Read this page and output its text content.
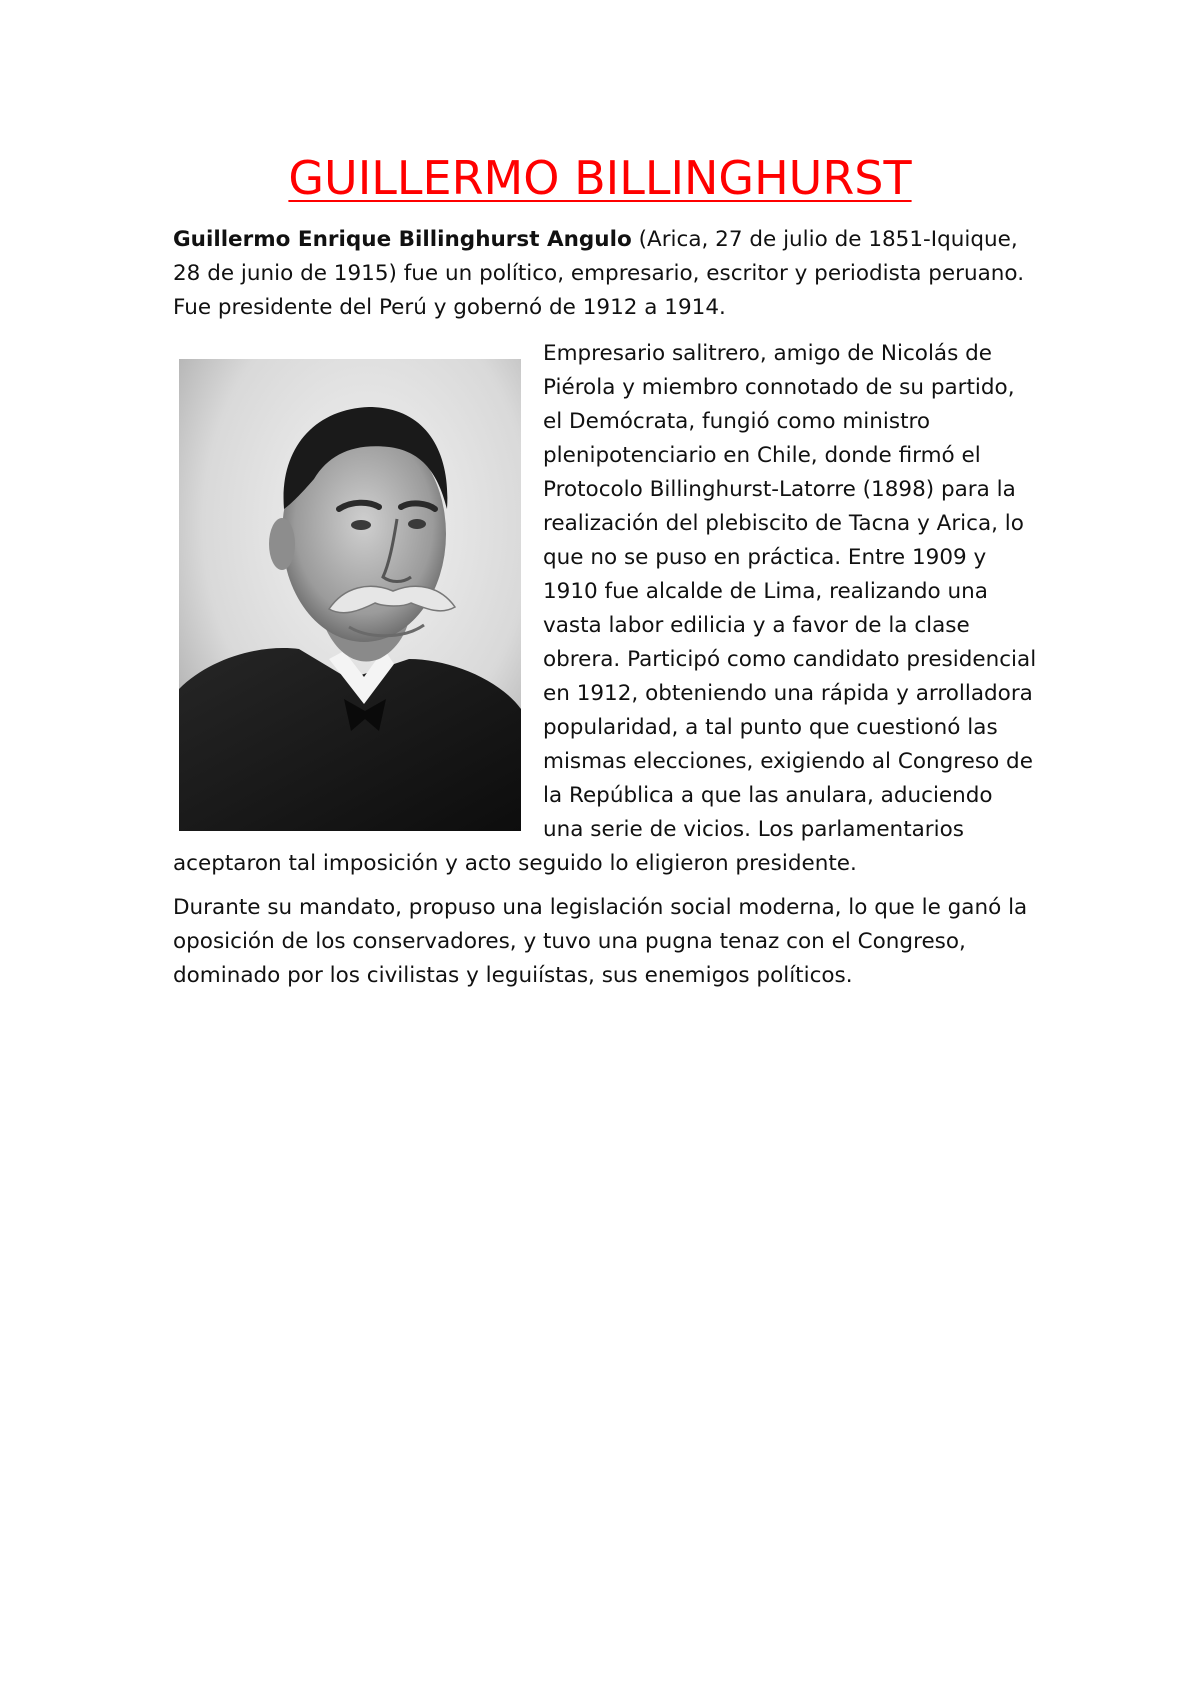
GUILLERMO BILLINGHURST

Guillermo Enrique Billinghurst Angulo (Arica, 27 de julio de 1851-Iquique, 28 de junio de 1915) fue un político, empresario, escritor y periodista peruano. Fue presidente del Perú y gobernó de 1912 a 1914.

Empresario salitrero, amigo de Nicolás de Piérola y miembro connotado de su partido, el Demócrata, fungió como ministro plenipotenciario en Chile, donde firmó el Protocolo Billinghurst-Latorre (1898) para la realización del plebiscito de Tacna y Arica, lo que no se puso en práctica. Entre 1909 y 1910 fue alcalde de Lima, realizando una vasta labor edilicia y a favor de la clase obrera. Participó como candidato presidencial en 1912, obteniendo una rápida y arrolladora popularidad, a tal punto que cuestionó las mismas elecciones, exigiendo al Congreso de la República a que las anulara, aduciendo una serie de vicios. Los parlamentarios aceptaron tal imposición y acto seguido lo eligieron presidente.

Durante su mandato, propuso una legislación social moderna, lo que le ganó la oposición de los conservadores, y tuvo una pugna tenaz con el Congreso, dominado por los civilistas y leguiístas, sus enemigos políticos.
